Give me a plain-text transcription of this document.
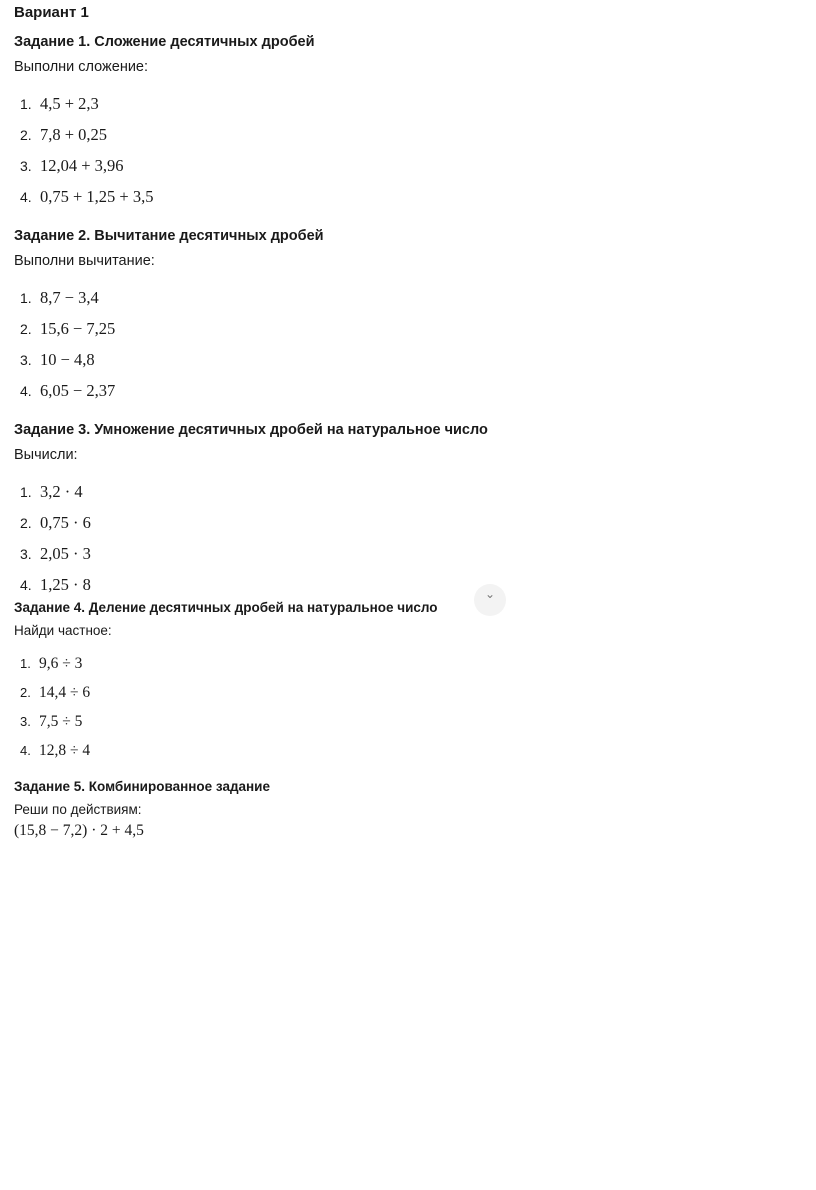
Вариант 1
Задание 1. Сложение десятичных дробей
Выполни сложение:
1. 4,5 + 2,3
2. 7,8 + 0,25
3. 12,04 + 3,96
4. 0,75 + 1,25 + 3,5
Задание 2. Вычитание десятичных дробей
Выполни вычитание:
1. 8,7 − 3,4
2. 15,6 − 7,25
3. 10 − 4,8
4. 6,05 − 2,37
Задание 3. Умножение десятичных дробей на натуральное число
Вычисли:
1. 3,2 · 4
2. 0,75 · 6
3. 2,05 · 3
4. 1,25 · 8
Задание 4. Деление десятичных дробей на натуральное число
Найди частное:
1. 9,6 ÷ 3
2. 14,4 ÷ 6
3. 7,5 ÷ 5
4. 12,8 ÷ 4
Задание 5. Комбинированное задание
Реши по действиям:
(15,8 − 7,2) · 2 + 4,5
⌄
